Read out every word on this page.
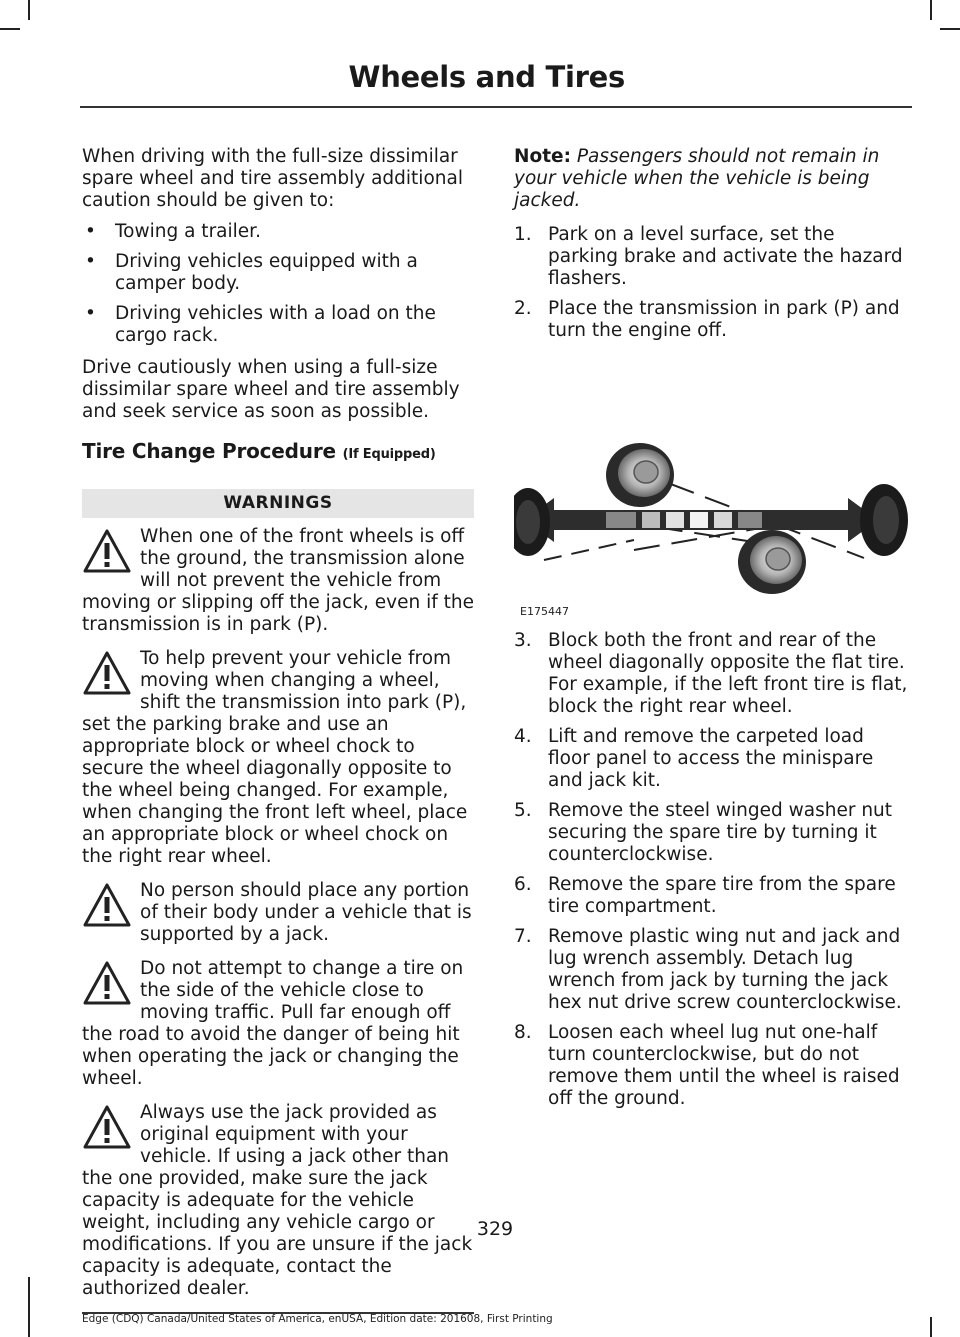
Wheels and Tires

When driving with the full-size dissimilar spare wheel and tire assembly additional caution should be given to:

• Towing a trailer.
• Driving vehicles equipped with a camper body.
• Driving vehicles with a load on the cargo rack.

Drive cautiously when using a full-size dissimilar spare wheel and tire assembly and seek service as soon as possible.

Tire Change Procedure (If Equipped)
WARNINGS
When one of the front wheels is off the ground, the transmission alone will not prevent the vehicle from moving or slipping off the jack, even if the transmission is in park (P).
To help prevent your vehicle from moving when changing a wheel, shift the transmission into park (P), set the parking brake and use an appropriate block or wheel chock to secure the wheel diagonally opposite to the wheel being changed. For example, when changing the front left wheel, place an appropriate block or wheel chock on the right rear wheel.
No person should place any portion of their body under a vehicle that is supported by a jack.
Do not attempt to change a tire on the side of the vehicle close to moving traffic. Pull far enough off the road to avoid the danger of being hit when operating the jack or changing the wheel.
Always use the jack provided as original equipment with your vehicle. If using a jack other than the one provided, make sure the jack capacity is adequate for the vehicle weight, including any vehicle cargo or modifications. If you are unsure if the jack capacity is adequate, contact the authorized dealer.
Note: Passengers should not remain in your vehicle when the vehicle is being jacked.
1. Park on a level surface, set the parking brake and activate the hazard flashers.
2. Place the transmission in park (P) and turn the engine off.
E175447
3. Block both the front and rear of the wheel diagonally opposite the flat tire. For example, if the left front tire is flat, block the right rear wheel.
4. Lift and remove the carpeted load floor panel to access the minispare and jack kit.
5. Remove the steel winged washer nut securing the spare tire by turning it counterclockwise.
6. Remove the spare tire from the spare tire compartment.
7. Remove plastic wing nut and jack and lug wrench assembly. Detach lug wrench from jack by turning the jack hex nut drive screw counterclockwise.
8. Loosen each wheel lug nut one-half turn counterclockwise, but do not remove them until the wheel is raised off the ground.
329
Edge (CDQ) Canada/United States of America, enUSA, Edition date: 201608, First Printing
